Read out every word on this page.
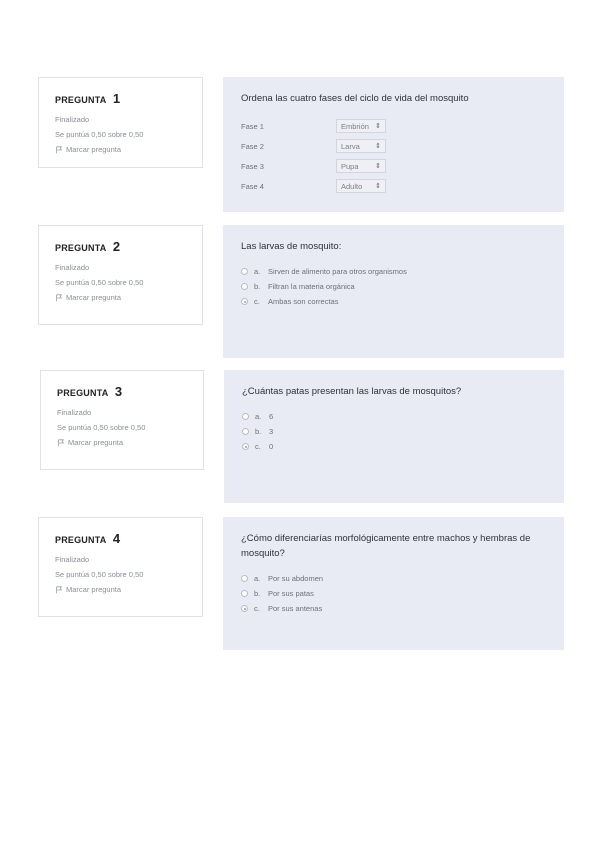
PREGUNTA 1
Finalizado
Se puntúa 0,50 sobre 0,50
Marcar pregunta
Ordena las cuatro fases del ciclo de vida del mosquito
Fase 1	Embrión ⇕
Fase 2	Larva ⇕
Fase 3	Pupa ⇕
Fase 4	Adulto ⇕
PREGUNTA 2
Finalizado
Se puntúa 0,50 sobre 0,50
Marcar pregunta
Las larvas de mosquito:
a.	Sirven de alimento para otros organismos
b.	Filtran la materia orgánica
c.	Ambas son correctas
PREGUNTA 3
Finalizado
Se puntúa 0,50 sobre 0,50
Marcar pregunta
¿Cuántas patas presentan las larvas de mosquitos?
a.	6
b.	3
c.	0
PREGUNTA 4
Finalizado
Se puntúa 0,50 sobre 0,50
Marcar pregunta
¿Cómo diferenciarías morfológicamente entre machos y hembras de mosquito?
a.	Por su abdomen
b.	Por sus patas
c.	Por sus antenas
